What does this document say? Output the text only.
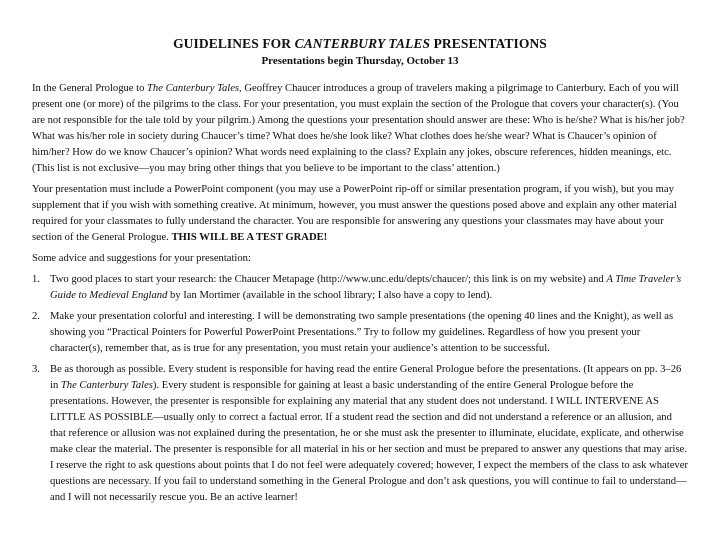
GUIDELINES FOR CANTERBURY TALES PRESENTATIONS
Presentations begin Thursday, October 13

In the General Prologue to The Canterbury Tales, Geoffrey Chaucer introduces a group of travelers making a pilgrimage to Canterbury. Each of you will present one (or more) of the pilgrims to the class. For your presentation, you must explain the section of the Prologue that covers your character(s). (You are not responsible for the tale told by your pilgrim.) Among the questions your presentation should answer are these: Who is he/she? What is his/her job? What was his/her role in society during Chaucer’s time? What does he/she look like? What clothes does he/she wear? What is Chaucer’s opinion of him/her? How do we know Chaucer’s opinion? What words need explaining to the class? Explain any jokes, obscure references, hidden meanings, etc. (This list is not exclusive—you may bring other things that you believe to be important to the class’ attention.)

Your presentation must include a PowerPoint component (you may use a PowerPoint rip-off or similar presentation program, if you wish), but you may supplement that if you wish with something creative. At minimum, however, you must answer the questions posed above and explain any other material required for your classmates to fully understand the character. You are responsible for answering any questions your classmates may have about your section of the General Prologue. THIS WILL BE A TEST GRADE!

Some advice and suggestions for your presentation:

1. Two good places to start your research: the Chaucer Metapage (http://www.unc.edu/depts/chaucer/; this link is on my website) and A Time Traveler’s Guide to Medieval England by Ian Mortimer (available in the school library; I also have a copy to lend).
2. Make your presentation colorful and interesting. I will be demonstrating two sample presentations (the opening 40 lines and the Knight), as well as showing you “Practical Pointers for Powerful PowerPoint Presentations.” Try to follow my guidelines. Regardless of how you present your character(s), remember that, as is true for any presentation, you must retain your audience’s attention to be successful.
3. Be as thorough as possible. Every student is responsible for having read the entire General Prologue before the presentations. (It appears on pp. 3–26 in The Canterbury Tales). Every student is responsible for gaining at least a basic understanding of the entire General Prologue before the presentations. However, the presenter is responsible for explaining any material that any student does not understand. I WILL INTERVENE AS LITTLE AS POSSIBLE—usually only to correct a factual error. If a student read the section and did not understand a reference or an allusion, and that reference or allusion was not explained during the presentation, he or she must ask the presenter to illuminate, elucidate, explicate, and otherwise make clear the material. The presenter is responsible for all material in his or her section and must be prepared to answer any questions that may arise. I reserve the right to ask questions about points that I do not feel were adequately covered; however, I expect the members of the class to ask whatever questions are necessary. If you fail to understand something in the General Prologue and don’t ask questions, you will continue to fail to understand—and I will not necessarily rescue you. Be an active learner!
